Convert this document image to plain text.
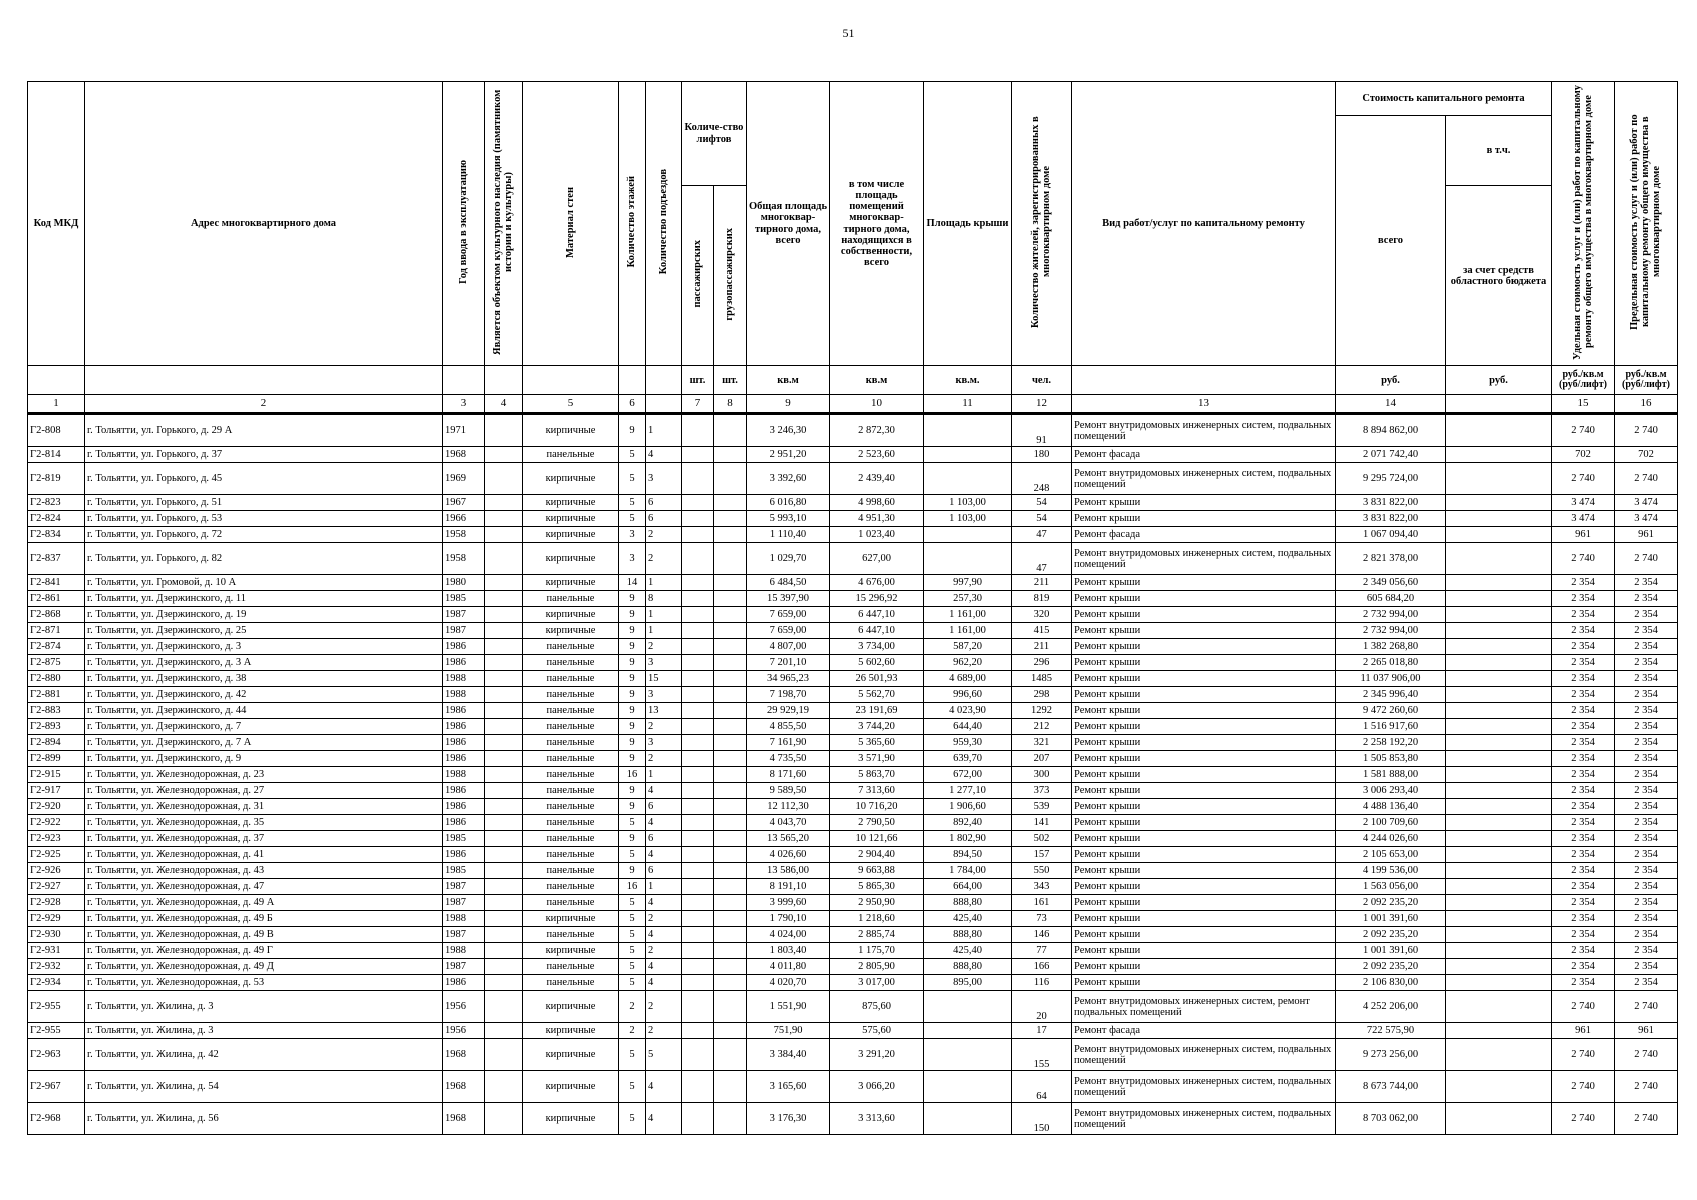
51
Код МКД	Адрес многоквартирного дома	Год ввода в эксплуатацию	Является объектом культурного наследия (памятником истории и культуры)	Материал стен	Количество этажей	Количество подъездов	Количе-ство лифтов		Общая площадь многоквар-тирного дома, всего	в том числе площадь помещений многоквар-тирного дома, находящихся в собственности, всего	Площадь крыши	Количество жителей, зарегистрированных в многоквартирном доме	Вид работ/услуг по капитальному ремонту	Стоимость капитального ремонта		Удельная стоимость услуг и (или) работ по капитальному ремонту общего имущества в многоквартирном доме	Предельная стоимость услуг и (или) работ по капитальному ремонту общего имущества в многоквартирном доме
														всего	в т.ч.		
							пассажирских	грузопассажирских							за счет средств областного бюджета		
							шт.	шт.	кв.м	кв.м	кв.м.	чел.		руб.	руб.	руб./кв.м (руб/лифт)	руб./кв.м (руб/лифт)
1	2	3	4	5	6		7	8	9	10	11	12	13	14		15	16
Г2-808	г. Тольятти, ул. Горького, д. 29 А	1971		кирпичные	9	1			3 246,30	2 872,30		91	Ремонт внутридомовых инженерных систем, подвальных помещений	8 894 862,00		2 740	2 740
Г2-814	г. Тольятти, ул. Горького, д. 37	1968		панельные	5	4			2 951,20	2 523,60		180	Ремонт фасада	2 071 742,40		702	702
Г2-819	г. Тольятти, ул. Горького, д. 45	1969		кирпичные	5	3			3 392,60	2 439,40		248	Ремонт внутридомовых инженерных систем, подвальных помещений	9 295 724,00		2 740	2 740
Г2-823	г. Тольятти, ул. Горького, д. 51	1967		кирпичные	5	6			6 016,80	4 998,60	1 103,00	54	Ремонт крыши	3 831 822,00		3 474	3 474
Г2-824	г. Тольятти, ул. Горького, д. 53	1966		кирпичные	5	6			5 993,10	4 951,30	1 103,00	54	Ремонт крыши	3 831 822,00		3 474	3 474
Г2-834	г. Тольятти, ул. Горького, д. 72	1958		кирпичные	3	2			1 110,40	1 023,40		47	Ремонт фасада	1 067 094,40		961	961
Г2-837	г. Тольятти, ул. Горького, д. 82	1958		кирпичные	3	2			1 029,70	627,00		47	Ремонт внутридомовых инженерных систем, подвальных помещений	2 821 378,00		2 740	2 740
Г2-841	г. Тольятти, ул. Громовой, д. 10 А	1980		кирпичные	14	1			6 484,50	4 676,00	997,90	211	Ремонт крыши	2 349 056,60		2 354	2 354
Г2-861	г. Тольятти, ул. Дзержинского, д. 11	1985		панельные	9	8			15 397,90	15 296,92	257,30	819	Ремонт крыши	605 684,20		2 354	2 354
Г2-868	г. Тольятти, ул. Дзержинского, д. 19	1987		кирпичные	9	1			7 659,00	6 447,10	1 161,00	320	Ремонт крыши	2 732 994,00		2 354	2 354
Г2-871	г. Тольятти, ул. Дзержинского, д. 25	1987		кирпичные	9	1			7 659,00	6 447,10	1 161,00	415	Ремонт крыши	2 732 994,00		2 354	2 354
Г2-874	г. Тольятти, ул. Дзержинского, д. 3	1986		панельные	9	2			4 807,00	3 734,00	587,20	211	Ремонт крыши	1 382 268,80		2 354	2 354
Г2-875	г. Тольятти, ул. Дзержинского, д. 3 А	1986		панельные	9	3			7 201,10	5 602,60	962,20	296	Ремонт крыши	2 265 018,80		2 354	2 354
Г2-880	г. Тольятти, ул. Дзержинского, д. 38	1988		панельные	9	15			34 965,23	26 501,93	4 689,00	1485	Ремонт крыши	11 037 906,00		2 354	2 354
Г2-881	г. Тольятти, ул. Дзержинского, д. 42	1988		панельные	9	3			7 198,70	5 562,70	996,60	298	Ремонт крыши	2 345 996,40		2 354	2 354
Г2-883	г. Тольятти, ул. Дзержинского, д. 44	1986		панельные	9	13			29 929,19	23 191,69	4 023,90	1292	Ремонт крыши	9 472 260,60		2 354	2 354
Г2-893	г. Тольятти, ул. Дзержинского, д. 7	1986		панельные	9	2			4 855,50	3 744,20	644,40	212	Ремонт крыши	1 516 917,60		2 354	2 354
Г2-894	г. Тольятти, ул. Дзержинского, д. 7 А	1986		панельные	9	3			7 161,90	5 365,60	959,30	321	Ремонт крыши	2 258 192,20		2 354	2 354
Г2-899	г. Тольятти, ул. Дзержинского, д. 9	1986		панельные	9	2			4 735,50	3 571,90	639,70	207	Ремонт крыши	1 505 853,80		2 354	2 354
Г2-915	г. Тольятти, ул. Железнодорожная, д. 23	1988		панельные	16	1			8 171,60	5 863,70	672,00	300	Ремонт крыши	1 581 888,00		2 354	2 354
Г2-917	г. Тольятти, ул. Железнодорожная, д. 27	1986		панельные	9	4			9 589,50	7 313,60	1 277,10	373	Ремонт крыши	3 006 293,40		2 354	2 354
Г2-920	г. Тольятти, ул. Железнодорожная, д. 31	1986		панельные	9	6			12 112,30	10 716,20	1 906,60	539	Ремонт крыши	4 488 136,40		2 354	2 354
Г2-922	г. Тольятти, ул. Железнодорожная, д. 35	1986		панельные	5	4			4 043,70	2 790,50	892,40	141	Ремонт крыши	2 100 709,60		2 354	2 354
Г2-923	г. Тольятти, ул. Железнодорожная, д. 37	1985		панельные	9	6			13 565,20	10 121,66	1 802,90	502	Ремонт крыши	4 244 026,60		2 354	2 354
Г2-925	г. Тольятти, ул. Железнодорожная, д. 41	1986		панельные	5	4			4 026,60	2 904,40	894,50	157	Ремонт крыши	2 105 653,00		2 354	2 354
Г2-926	г. Тольятти, ул. Железнодорожная, д. 43	1985		панельные	9	6			13 586,00	9 663,88	1 784,00	550	Ремонт крыши	4 199 536,00		2 354	2 354
Г2-927	г. Тольятти, ул. Железнодорожная, д. 47	1987		панельные	16	1			8 191,10	5 865,30	664,00	343	Ремонт крыши	1 563 056,00		2 354	2 354
Г2-928	г. Тольятти, ул. Железнодорожная, д. 49 А	1987		панельные	5	4			3 999,60	2 950,90	888,80	161	Ремонт крыши	2 092 235,20		2 354	2 354
Г2-929	г. Тольятти, ул. Железнодорожная, д. 49 Б	1988		кирпичные	5	2			1 790,10	1 218,60	425,40	73	Ремонт крыши	1 001 391,60		2 354	2 354
Г2-930	г. Тольятти, ул. Железнодорожная, д. 49 В	1987		панельные	5	4			4 024,00	2 885,74	888,80	146	Ремонт крыши	2 092 235,20		2 354	2 354
Г2-931	г. Тольятти, ул. Железнодорожная, д. 49 Г	1988		кирпичные	5	2			1 803,40	1 175,70	425,40	77	Ремонт крыши	1 001 391,60		2 354	2 354
Г2-932	г. Тольятти, ул. Железнодорожная, д. 49 Д	1987		панельные	5	4			4 011,80	2 805,90	888,80	166	Ремонт крыши	2 092 235,20		2 354	2 354
Г2-934	г. Тольятти, ул. Железнодорожная, д. 53	1986		панельные	5	4			4 020,70	3 017,00	895,00	116	Ремонт крыши	2 106 830,00		2 354	2 354
Г2-955	г. Тольятти, ул. Жилина, д. 3	1956		кирпичные	2	2			1 551,90	875,60		20	Ремонт внутридомовых инженерных систем, ремонт подвальных помещений	4 252 206,00		2 740	2 740
Г2-955	г. Тольятти, ул. Жилина, д. 3	1956		кирпичные	2	2			751,90	575,60		17	Ремонт фасада	722 575,90		961	961
Г2-963	г. Тольятти, ул. Жилина, д. 42	1968		кирпичные	5	5			3 384,40	3 291,20		155	Ремонт внутридомовых инженерных систем, подвальных помещений	9 273 256,00		2 740	2 740
Г2-967	г. Тольятти, ул. Жилина, д. 54	1968		кирпичные	5	4			3 165,60	3 066,20		64	Ремонт внутридомовых инженерных систем, подвальных помещений	8 673 744,00		2 740	2 740
Г2-968	г. Тольятти, ул. Жилина, д. 56	1968		кирпичные	5	4			3 176,30	3 313,60		150	Ремонт внутридомовых инженерных систем, подвальных помещений	8 703 062,00		2 740	2 740
